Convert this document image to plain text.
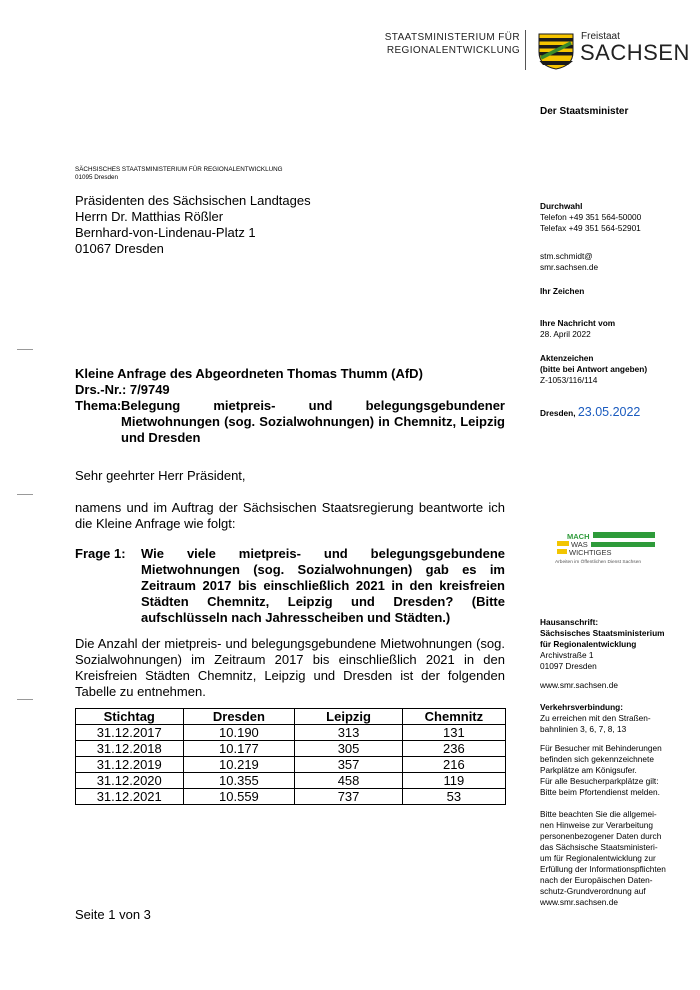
STAATSMINISTERIUM FÜR
REGIONALENTWICKLUNG
Freistaat
SACHSEN
Der Staatsminister
SÄCHSISCHES STAATSMINISTERIUM FÜR REGIONALENTWICKLUNG
01095 Dresden
Präsidenten des Sächsischen Landtages
Herrn Dr. Matthias Rößler
Bernhard-von-Lindenau-Platz 1
01067 Dresden
Durchwahl
Telefon +49 351 564-50000
Telefax +49 351 564-52901
stm.schmidt@
smr.sachsen.de
Ihr Zeichen
Ihre Nachricht vom
28. April 2022
Aktenzeichen
(bitte bei Antwort angeben)
Z-1053/116/114
Dresden, 23.05.2022
Kleine Anfrage des Abgeordneten Thomas Thumm (AfD)
Drs.-Nr.: 7/9749
Thema: Belegung mietpreis- und belegungsgebundener Mietwohnungen (sog. Sozialwohnungen) in Chemnitz, Leipzig und Dresden
Sehr geehrter Herr Präsident,
namens und im Auftrag der Sächsischen Staatsregierung beantworte ich die Kleine Anfrage wie folgt:
Frage 1: Wie viele mietpreis- und belegungsgebundene Mietwohnungen (sog. Sozialwohnungen) gab es im Zeitraum 2017 bis einschließlich 2021 in den kreisfreien Städten Chemnitz, Leipzig und Dresden? (Bitte aufschlüsseln nach Jahresscheiben und Städten.)
Die Anzahl der mietpreis- und belegungsgebundene Mietwohnungen (sog. Sozialwohnungen) im Zeitraum 2017 bis einschließlich 2021 in den Kreisfreien Städten Chemnitz, Leipzig und Dresden ist der folgenden Tabelle zu entnehmen.
Stichtag	Dresden	Leipzig	Chemnitz
31.12.2017	10.190	313	131
31.12.2018	10.177	305	236
31.12.2019	10.219	357	216
31.12.2020	10.355	458	119
31.12.2021	10.559	737	53
MACH
WAS
WICHTIGES
Arbeiten im Öffentlichen Dienst Sachsen
Hausanschrift:
Sächsisches Staatsministerium
für Regionalentwicklung
Archivstraße 1
01097 Dresden
www.smr.sachsen.de
Verkehrsverbindung:
Zu erreichen mit den Straßen-
bahnlinien 3, 6, 7, 8, 13
Für Besucher mit Behinderungen
befinden sich gekennzeichnete
Parkplätze am Königsufer.
Für alle Besucherparkplätze gilt:
Bitte beim Pfortendienst melden.
Bitte beachten Sie die allgemei-
nen Hinweise zur Verarbeitung
personenbezogener Daten durch
das Sächsische Staatsministeri-
um für Regionalentwicklung zur
Erfüllung der Informationspflichten
nach der Europäischen Daten-
schutz-Grundverordnung auf
www.smr.sachsen.de
Seite 1 von 3
